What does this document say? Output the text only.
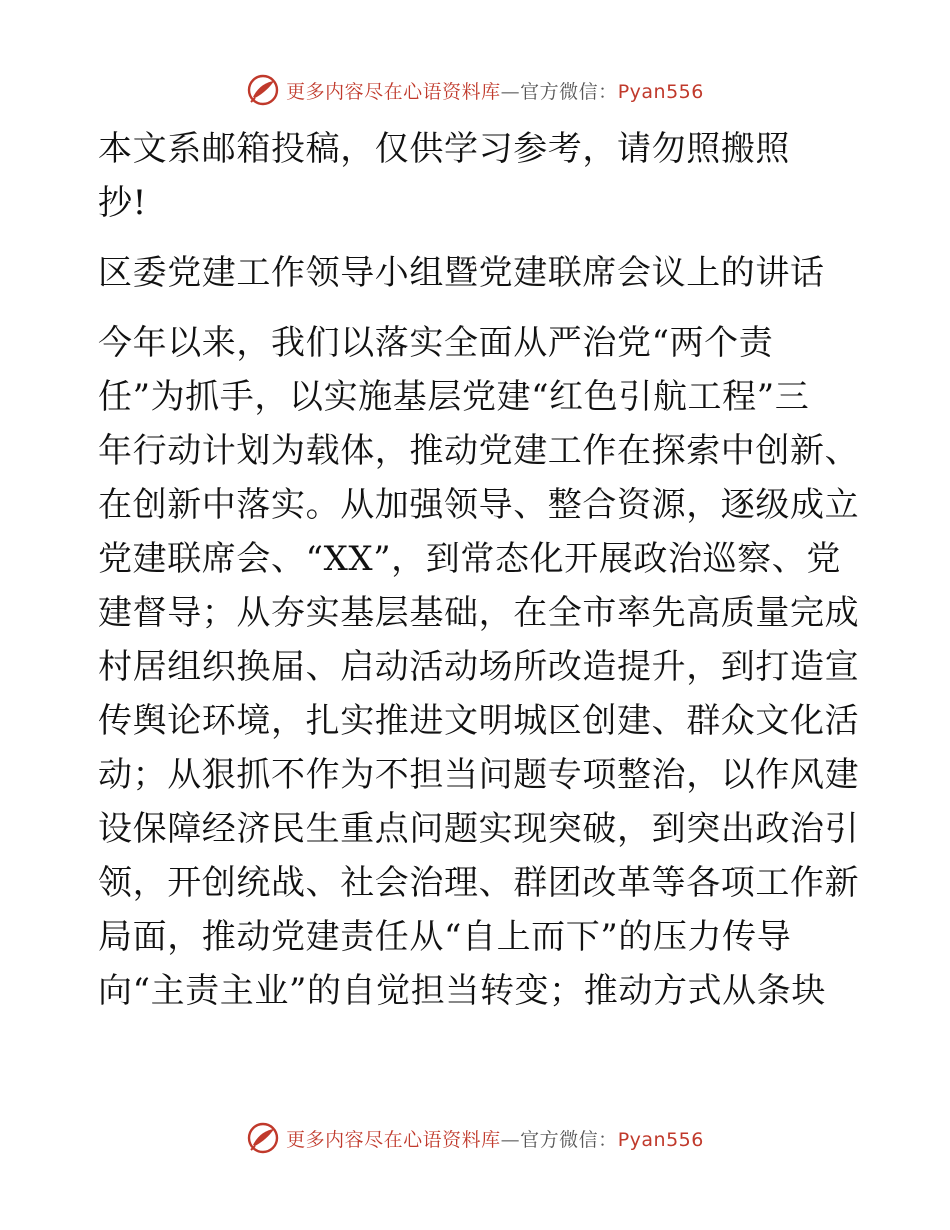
更多内容尽在心语资料库—官方微信：Pyan556
本文系邮箱投稿，仅供学习参考，请勿照搬照
抄!
区委党建工作领导小组暨党建联席会议上的讲话
今年以来，我们以落实全面从严治党“两个责
任”为抓手，以实施基层党建“红色引航工程”三
年行动计划为载体，推动党建工作在探索中创新、
在创新中落实。从加强领导、整合资源，逐级成立
党建联席会、“XX”，到常态化开展政治巡察、党
建督导；从夯实基层基础，在全市率先高质量完成
村居组织换届、启动活动场所改造提升，到打造宣
传舆论环境，扎实推进文明城区创建、群众文化活
动；从狠抓不作为不担当问题专项整治，以作风建
设保障经济民生重点问题实现突破，到突出政治引
领，开创统战、社会治理、群团改革等各项工作新
局面，推动党建责任从“自上而下”的压力传导
向“主责主业”的自觉担当转变；推动方式从条块
更多内容尽在心语资料库—官方微信：Pyan556
